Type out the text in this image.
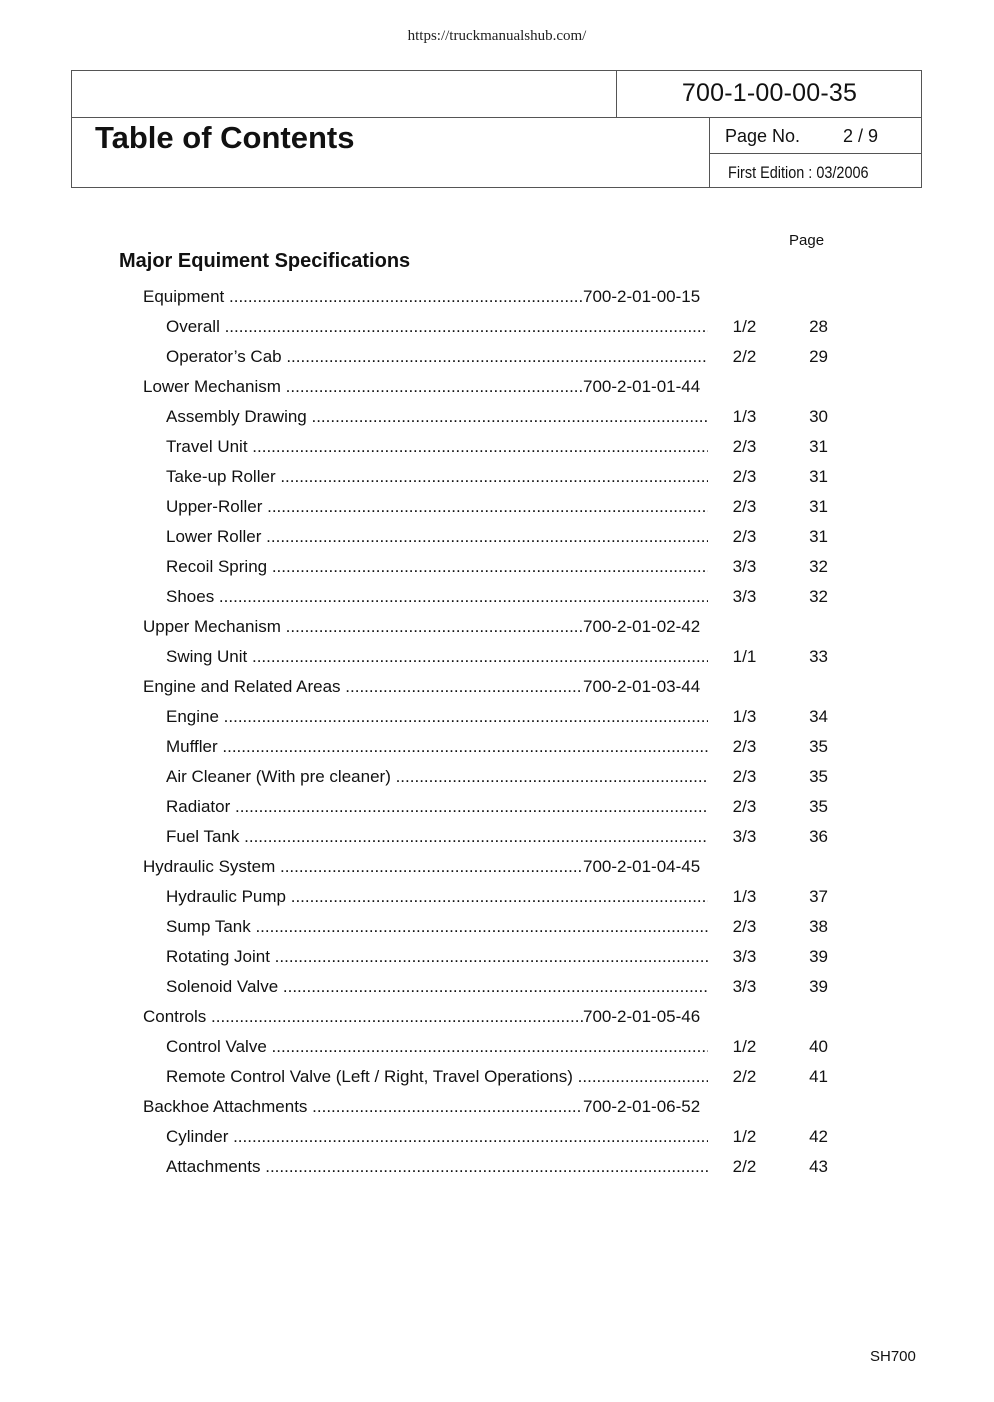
https://truckmanualshub.com/
700-1-00-00-35
Table of Contents	Page No. 2 / 9
First Edition : 03/2006
Page
Major Equiment Specifications
Equipment .....	700-2-01-00-15
Overall .....	1/2	28
Operator’s Cab .....	2/2	29
Lower Mechanism .....	700-2-01-01-44
Assembly Drawing .....	1/3	30
Travel Unit .....	2/3	31
Take-up Roller .....	2/3	31
Upper-Roller .....	2/3	31
Lower Roller .....	2/3	31
Recoil Spring .....	3/3	32
Shoes .....	3/3	32
Upper Mechanism .....	700-2-01-02-42
Swing Unit .....	1/1	33
Engine and Related Areas .....	700-2-01-03-44
Engine .....	1/3	34
Muffler .....	2/3	35
Air Cleaner (With pre cleaner) .....	2/3	35
Radiator .....	2/3	35
Fuel Tank .....	3/3	36
Hydraulic System .....	700-2-01-04-45
Hydraulic Pump .....	1/3	37
Sump Tank .....	2/3	38
Rotating Joint .....	3/3	39
Solenoid Valve .....	3/3	39
Controls .....	700-2-01-05-46
Control Valve .....	1/2	40
Remote Control Valve (Left / Right, Travel Operations) .....	2/2	41
Backhoe Attachments .....	700-2-01-06-52
Cylinder .....	1/2	42
Attachments .....	2/2	43
SH700
